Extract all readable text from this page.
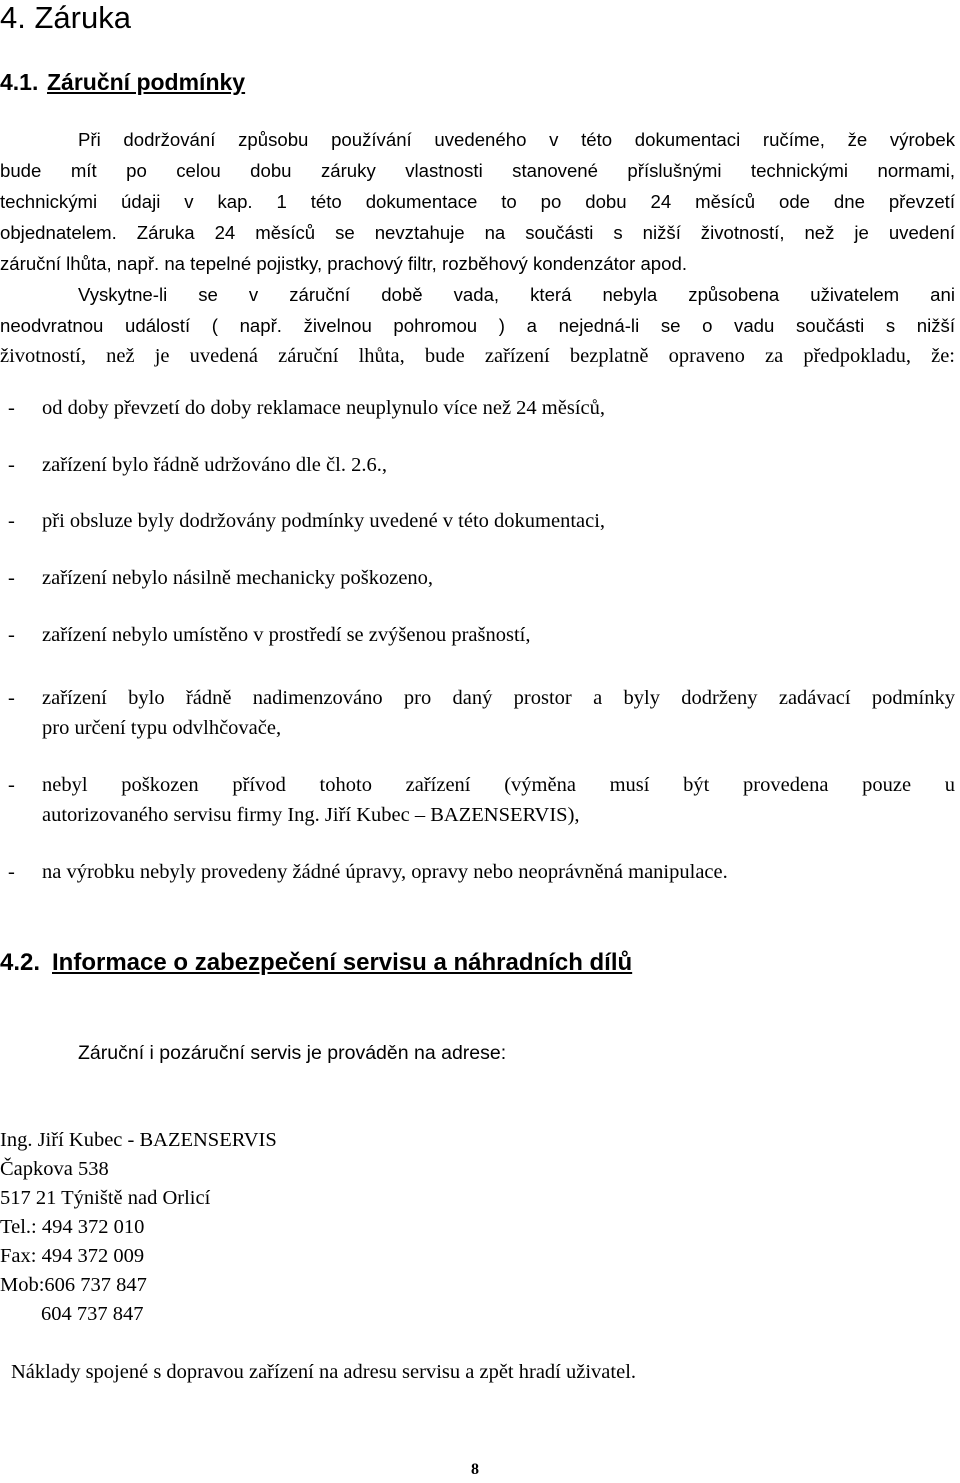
4. Záruka
4.1. Záruční podmínky
Při dodržování způsobu používání uvedeného v této dokumentaci ručíme, že výrobek
bude mít po celou dobu záruky vlastnosti stanovené příslušnými technickými normami,
technickými údaji v kap. 1 této dokumentace to po dobu 24 měsíců ode dne převzetí
objednatelem. Záruka 24 měsíců se nevztahuje na součásti s nižší životností, než je uvedení
záruční lhůta, např. na tepelné pojistky, prachový filtr, rozběhový kondenzátor apod.
Vyskytne-li se v záruční době vada, která nebyla způsobena uživatelem ani
neodvratnou událostí ( např. živelnou pohromou ) a nejedná-li se o vadu součásti s nižší
životností, než je uvedená záruční lhůta, bude zařízení bezplatně opraveno za předpokladu, že:
- od doby převzetí do doby reklamace neuplynulo více než 24 měsíců,
- zařízení bylo řádně udržováno dle čl. 2.6.,
- při obsluze byly dodržovány podmínky uvedené v této dokumentaci,
- zařízení nebylo násilně mechanicky poškozeno,
- zařízení nebylo umístěno v prostředí se zvýšenou prašností,
- zařízení bylo řádně nadimenzováno pro daný prostor a byly dodrženy zadávací podmínky
pro určení typu odvlhčovače,
- nebyl poškozen přívod tohoto zařízení (výměna musí být provedena pouze u
autorizovaného servisu firmy Ing. Jiří Kubec – BAZENSERVIS),
- na výrobku nebyly provedeny žádné úpravy, opravy nebo neoprávněná manipulace.
4.2. Informace o zabezpečení servisu a náhradních dílů
Záruční i pozáruční servis je prováděn na adrese:
Ing. Jiří Kubec - BAZENSERVIS
Čapkova 538
517 21 Týniště nad Orlicí
Tel.: 494 372 010
Fax: 494 372 009
Mob:606 737 847
604 737 847
Náklady spojené s dopravou zařízení na adresu servisu a zpět hradí uživatel.
8
